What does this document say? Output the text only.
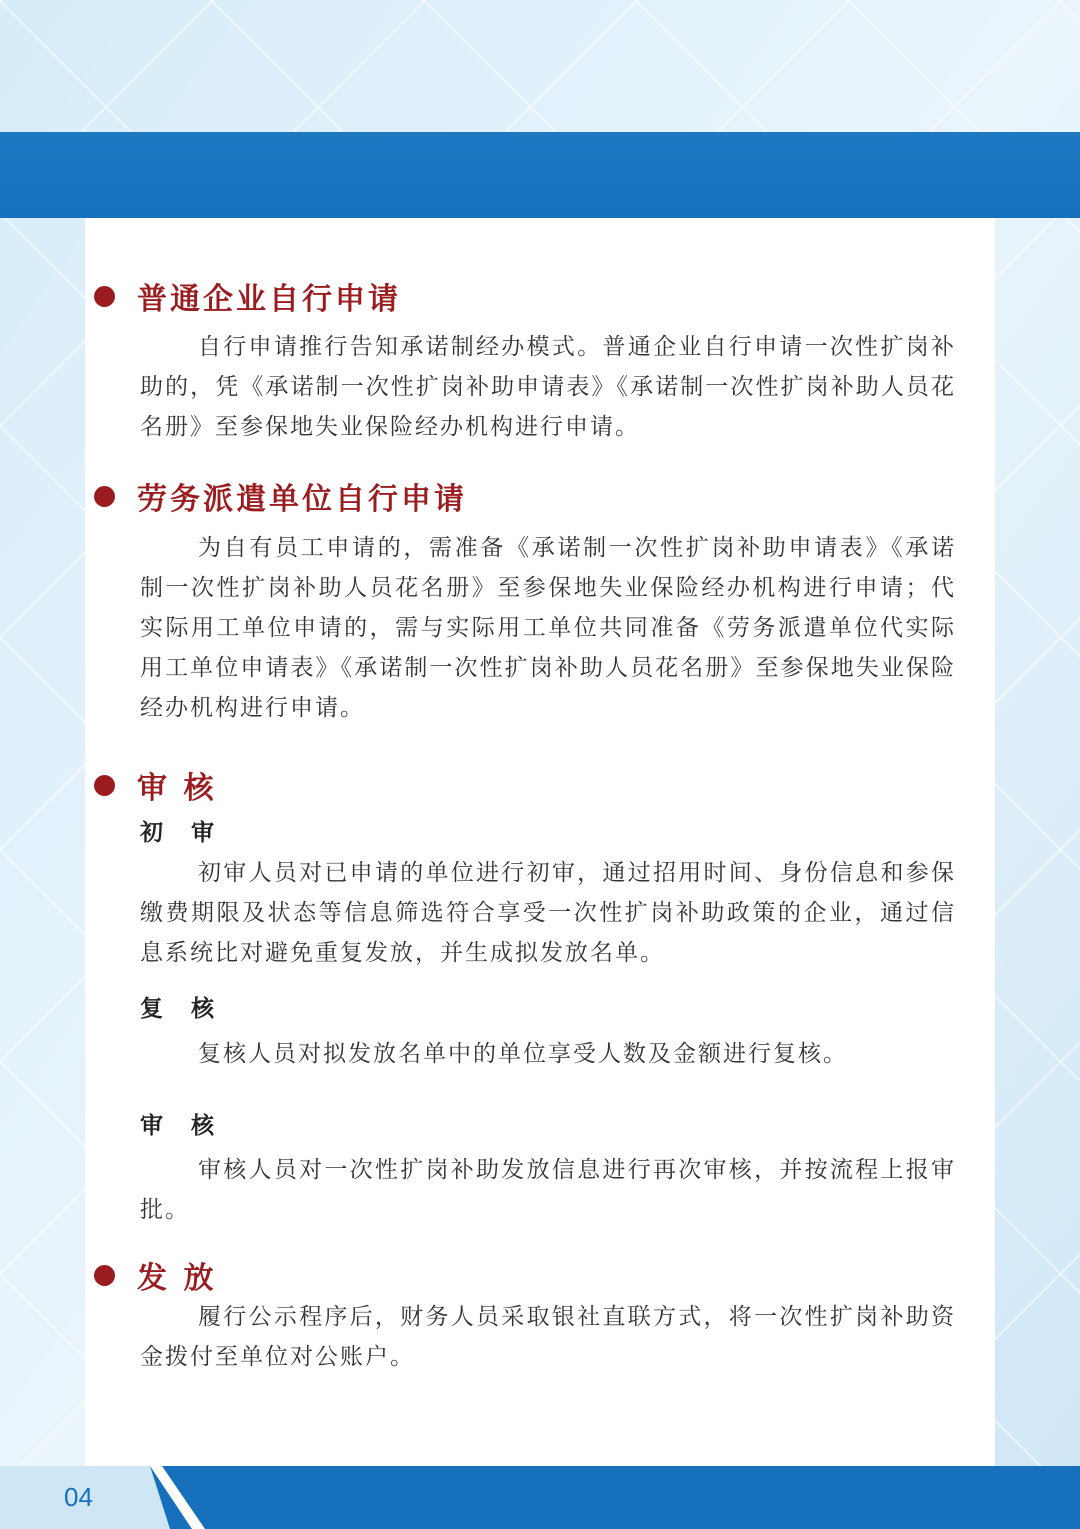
普通企业自行申请

自行申请推行告知承诺制经办模式。普通企业自行申请一次性扩岗补助的，凭《承诺制一次性扩岗补助申请表》《承诺制一次性扩岗补助人员花名册》至参保地失业保险经办机构进行申请。

劳务派遣单位自行申请

为自有员工申请的，需准备《承诺制一次性扩岗补助申请表》《承诺制一次性扩岗补助人员花名册》至参保地失业保险经办机构进行申请；代实际用工单位申请的，需与实际用工单位共同准备《劳务派遣单位代实际用工单位申请表》《承诺制一次性扩岗补助人员花名册》至参保地失业保险经办机构进行申请。

审 核
初 审

初审人员对已申请的单位进行初审，通过招用时间、身份信息和参保缴费期限及状态等信息筛选符合享受一次性扩岗补助政策的企业，通过信息系统比对避免重复发放，并生成拟发放名单。

复 核

复核人员对拟发放名单中的单位享受人数及金额进行复核。

审 核

审核人员对一次性扩岗补助发放信息进行再次审核，并按流程上报审批。

发 放

履行公示程序后，财务人员采取银社直联方式，将一次性扩岗补助资金拨付至单位对公账户。

04
